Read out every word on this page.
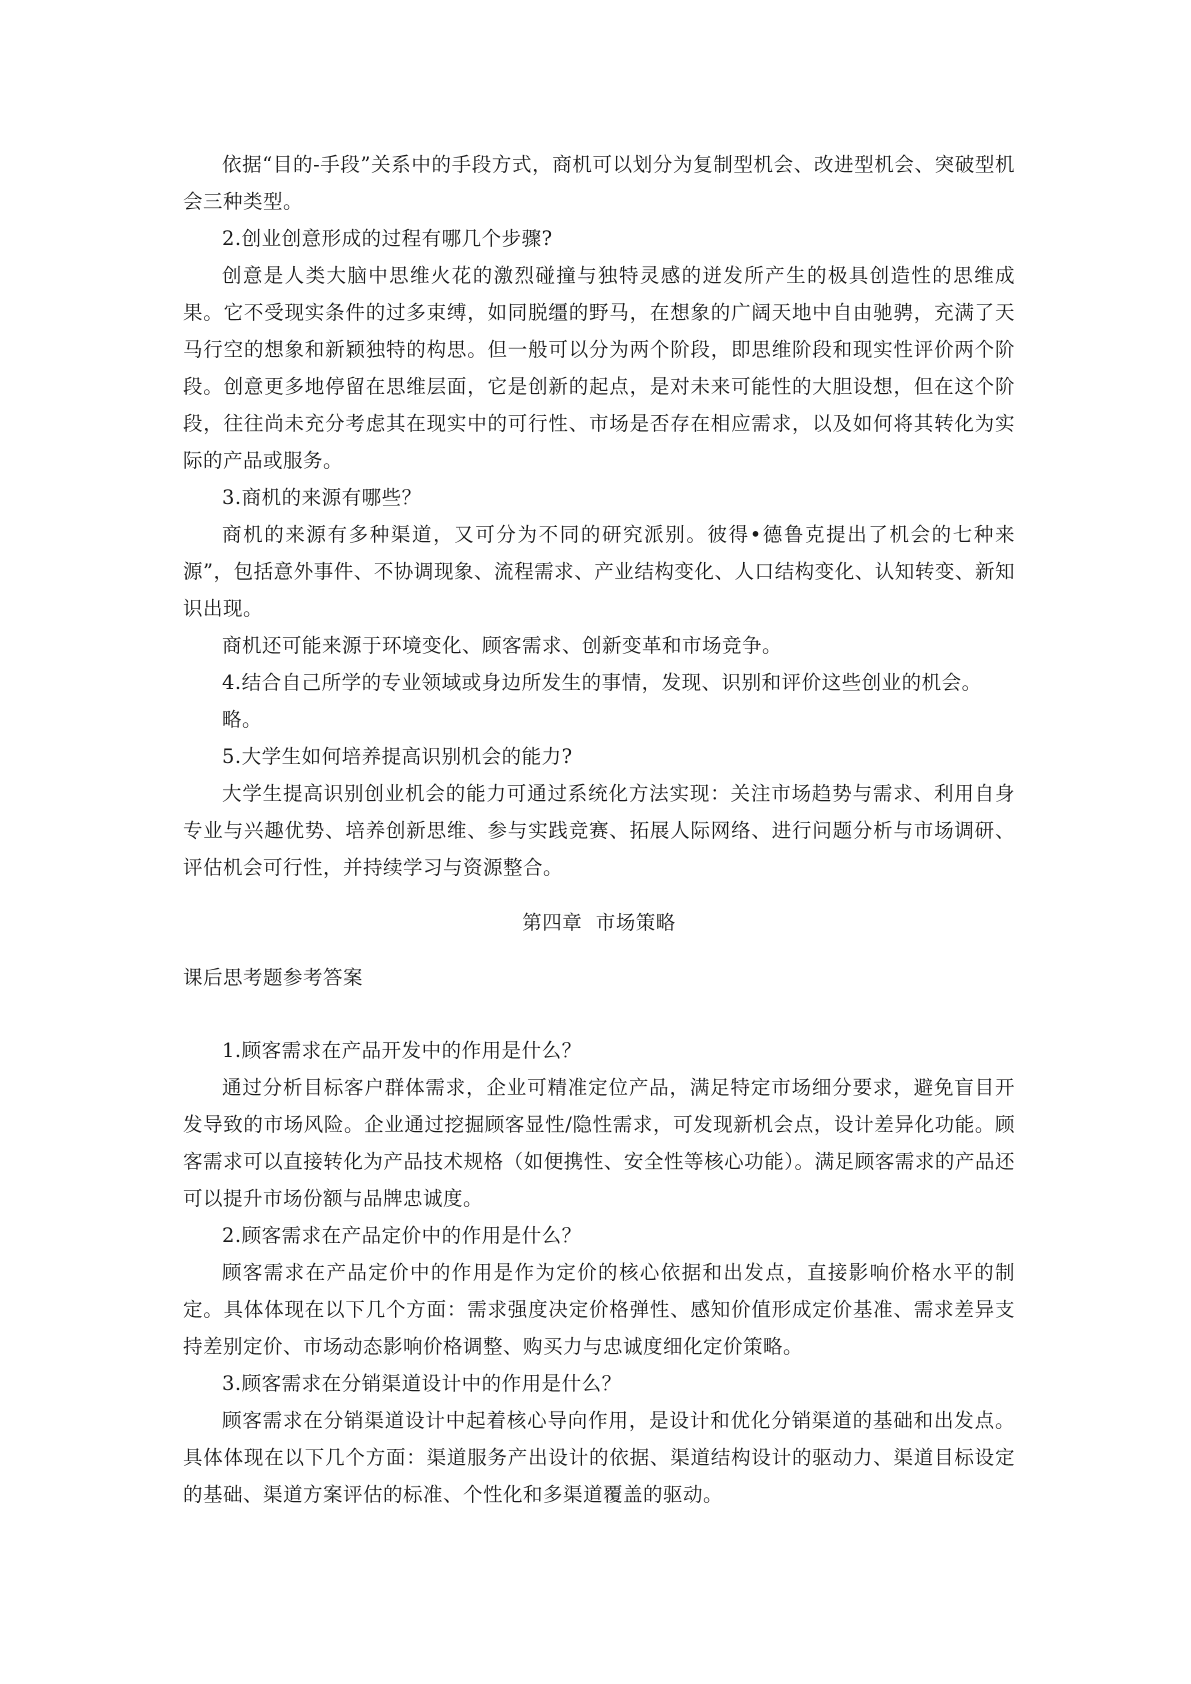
依据“目的-手段”关系中的手段方式，商机可以划分为复制型机会、改进型机会、突破型机会三种类型。

2.创业创意形成的过程有哪几个步骤?

创意是人类大脑中思维火花的激烈碰撞与独特灵感的迸发所产生的极具创造性的思维成果。它不受现实条件的过多束缚，如同脱缰的野马，在想象的广阔天地中自由驰骋，充满了天马行空的想象和新颖独特的构思。但一般可以分为两个阶段，即思维阶段和现实性评价两个阶段。创意更多地停留在思维层面，它是创新的起点，是对未来可能性的大胆设想，但在这个阶段，往往尚未充分考虑其在现实中的可行性、市场是否存在相应需求，以及如何将其转化为实际的产品或服务。

3.商机的来源有哪些？

商机的来源有多种渠道，又可分为不同的研究派别。彼得•德鲁克提出了机会的七种来源”，包括意外事件、不协调现象、流程需求、产业结构变化、人口结构变化、认知转变、新知识出现。

商机还可能来源于环境变化、顾客需求、创新变革和市场竞争。

4.结合自己所学的专业领域或身边所发生的事情，发现、识别和评价这些创业的机会。

略。

5.大学生如何培养提高识别机会的能力?

大学生提高识别创业机会的能力可通过系统化方法实现：关注市场趋势与需求、利用自身专业与兴趣优势、培养创新思维、参与实践竞赛、拓展人际网络、进行问题分析与市场调研、评估机会可行性，并持续学习与资源整合。

第四章  市场策略

课后思考题参考答案

1.顾客需求在产品开发中的作用是什么？

通过分析目标客户群体需求，企业可精准定位产品，满足特定市场细分要求，避免盲目开发导致的市场风险。企业通过挖掘顾客显性/隐性需求，可发现新机会点，设计差异化功能。顾客需求可以直接转化为产品技术规格（如便携性、安全性等核心功能）。满足顾客需求的产品还可以提升市场份额与品牌忠诚度。

2.顾客需求在产品定价中的作用是什么？

顾客需求在产品定价中的作用是作为定价的核心依据和出发点，直接影响价格水平的制定。具体体现在以下几个方面：需求强度决定价格弹性、感知价值形成定价基准、需求差异支持差别定价、市场动态影响价格调整、购买力与忠诚度细化定价策略。

3.顾客需求在分销渠道设计中的作用是什么？

顾客需求在分销渠道设计中起着核心导向作用，是设计和优化分销渠道的基础和出发点。具体体现在以下几个方面：渠道服务产出设计的依据、渠道结构设计的驱动力、渠道目标设定的基础、渠道方案评估的标准、个性化和多渠道覆盖的驱动。
